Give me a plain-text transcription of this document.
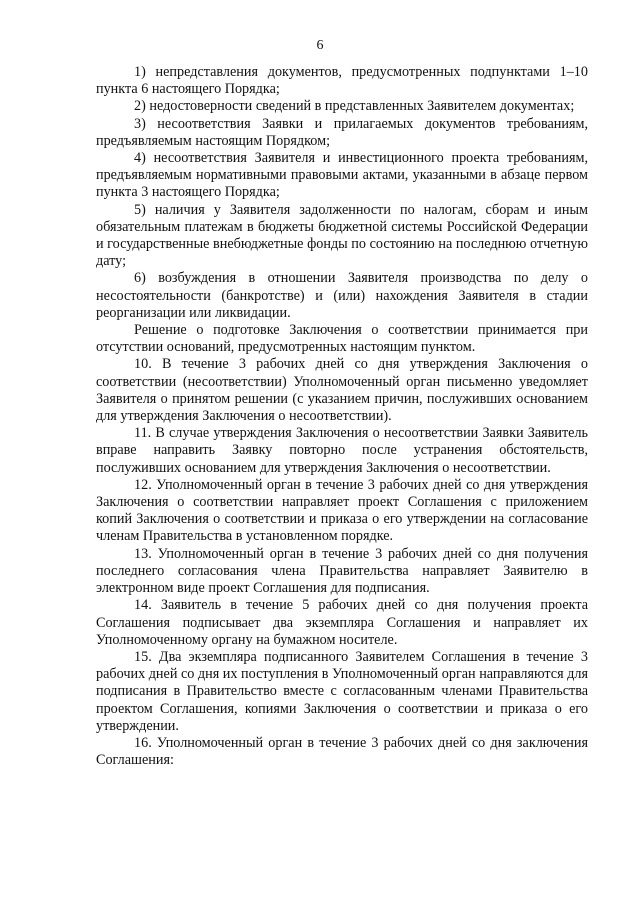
6

1) непредставления документов, предусмотренных подпунктами 1–10 пункта 6 настоящего Порядка;

2) недостоверности сведений в представленных Заявителем документах;

3) несоответствия Заявки и прилагаемых документов требованиям, предъявляемым настоящим Порядком;

4) несоответствия Заявителя и инвестиционного проекта требованиям, предъявляемым нормативными правовыми актами, указанными в абзаце первом пункта 3 настоящего Порядка;

5) наличия у Заявителя задолженности по налогам, сборам и иным обязательным платежам в бюджеты бюджетной системы Российской Федерации и государственные внебюджетные фонды по состоянию на последнюю отчетную дату;

6) возбуждения в отношении Заявителя производства по делу о несостоятельности (банкротстве) и (или) нахождения Заявителя в стадии реорганизации или ликвидации.

Решение о подготовке Заключения о соответствии принимается при отсутствии оснований, предусмотренных настоящим пунктом.

10. В течение 3 рабочих дней со дня утверждения Заключения о соответствии (несоответствии) Уполномоченный орган письменно уведомляет Заявителя о принятом решении (с указанием причин, послуживших основанием для утверждения Заключения о несоответствии).

11. В случае утверждения Заключения о несоответствии Заявки Заявитель вправе направить Заявку повторно после устранения обстоятельств, послуживших основанием для утверждения Заключения о несоответствии.

12. Уполномоченный орган в течение 3 рабочих дней со дня утверждения Заключения о соответствии направляет проект Соглашения с приложением копий Заключения о соответствии и приказа о его утверждении на согласование членам Правительства в установленном порядке.

13. Уполномоченный орган в течение 3 рабочих дней со дня получения последнего согласования члена Правительства направляет Заявителю в электронном виде проект Соглашения для подписания.

14. Заявитель в течение 5 рабочих дней со дня получения проекта Соглашения подписывает два экземпляра Соглашения и направляет их Уполномоченному органу на бумажном носителе.

15. Два экземпляра подписанного Заявителем Соглашения в течение 3 рабочих дней со дня их поступления в Уполномоченный орган направляются для подписания в Правительство вместе с согласованным членами Правительства проектом Соглашения, копиями Заключения о соответствии и приказа о его утверждении.

16. Уполномоченный орган в течение 3 рабочих дней со дня заключения Соглашения:
